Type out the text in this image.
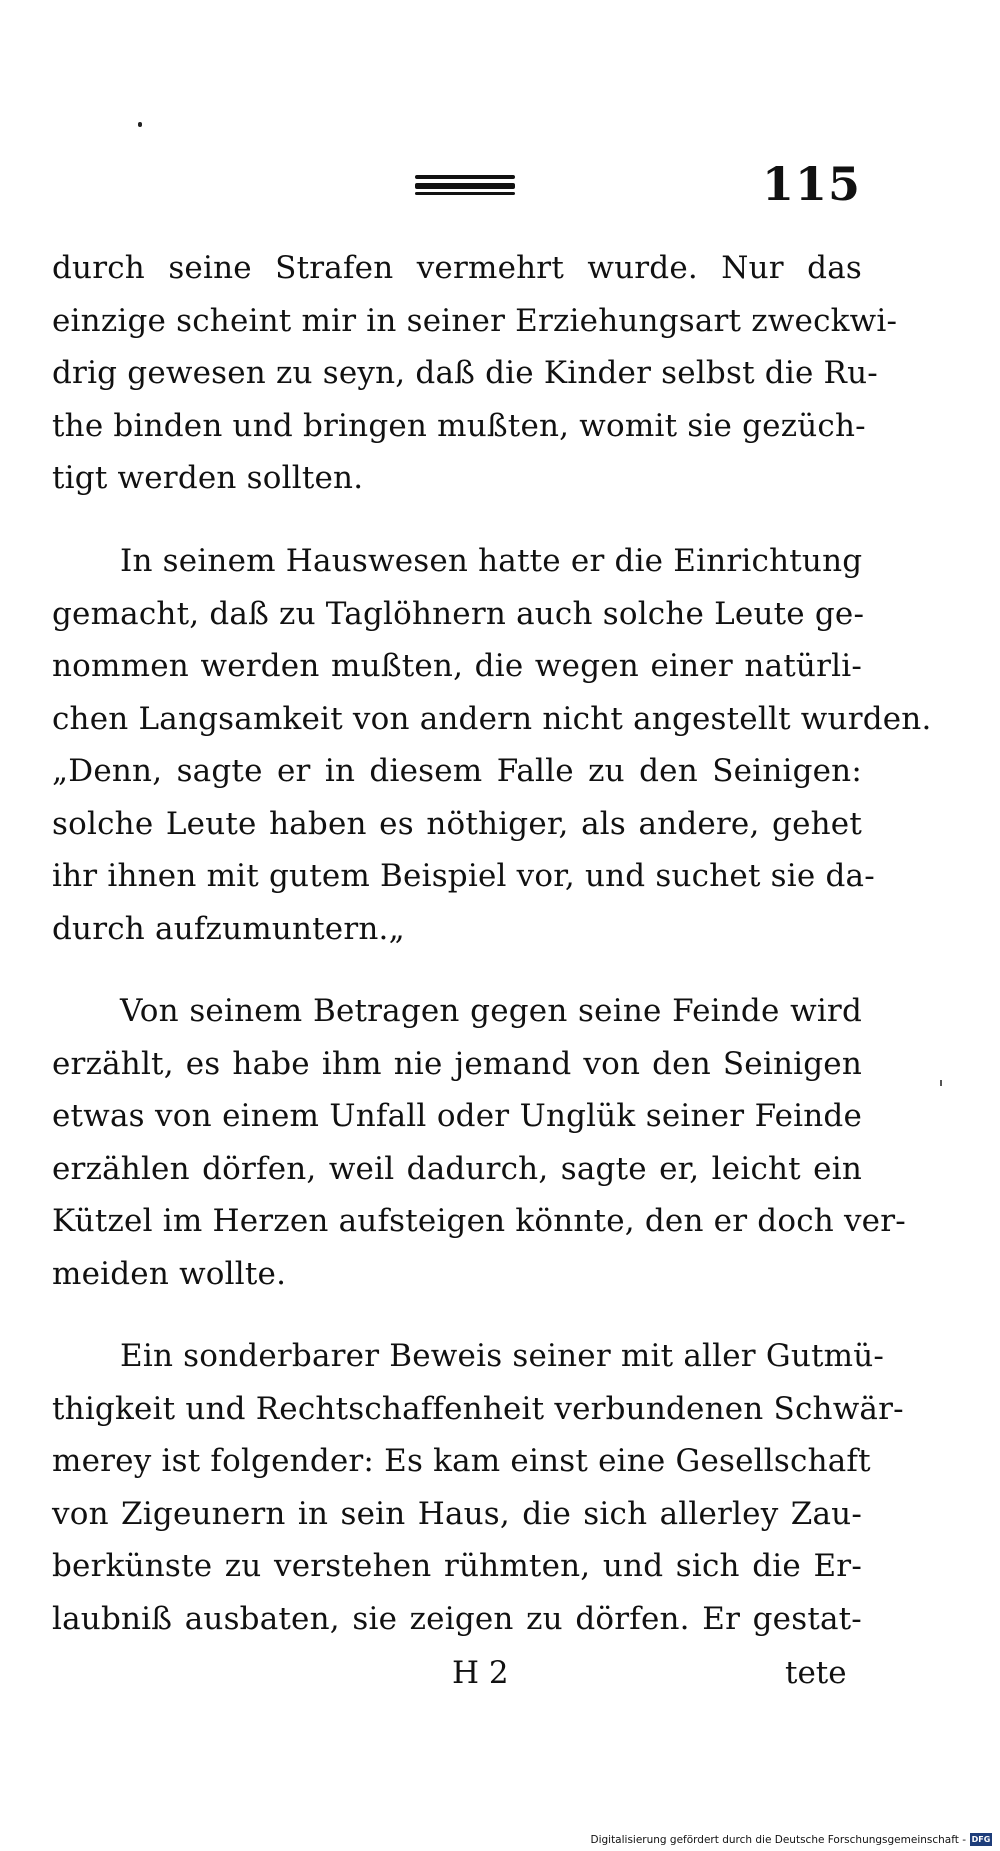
115
durch seine Strafen vermehrt wurde. Nur das
einzige scheint mir in seiner Erziehungsart zweckwi-
drig gewesen zu seyn, daß die Kinder selbst die Ru-
the binden und bringen mußten, womit sie gezüch-
tigt werden sollten.
In seinem Hauswesen hatte er die Einrichtung
gemacht, daß zu Taglöhnern auch solche Leute ge-
nommen werden mußten, die wegen einer natürli-
chen Langsamkeit von andern nicht angestellt wurden.
„Denn, sagte er in diesem Falle zu den Seinigen:
solche Leute haben es nöthiger, als andere, gehet
ihr ihnen mit gutem Beispiel vor, und suchet sie da-
durch aufzumuntern.„
Von seinem Betragen gegen seine Feinde wird
erzählt, es habe ihm nie jemand von den Seinigen
etwas von einem Unfall oder Unglük seiner Feinde
erzählen dörfen, weil dadurch, sagte er, leicht ein
Kützel im Herzen aufsteigen könnte, den er doch ver-
meiden wollte.
Ein sonderbarer Beweis seiner mit aller Gutmü-
thigkeit und Rechtschaffenheit verbundenen Schwär-
merey ist folgender: Es kam einst eine Gesellschaft
von Zigeunern in sein Haus, die sich allerley Zau-
berkünste zu verstehen rühmten, und sich die Er-
laubniß ausbaten, sie zeigen zu dörfen. Er gestat-
H 2	tete
Digitalisierung gefördert durch die Deutsche Forschungsgemeinschaft - DFG
